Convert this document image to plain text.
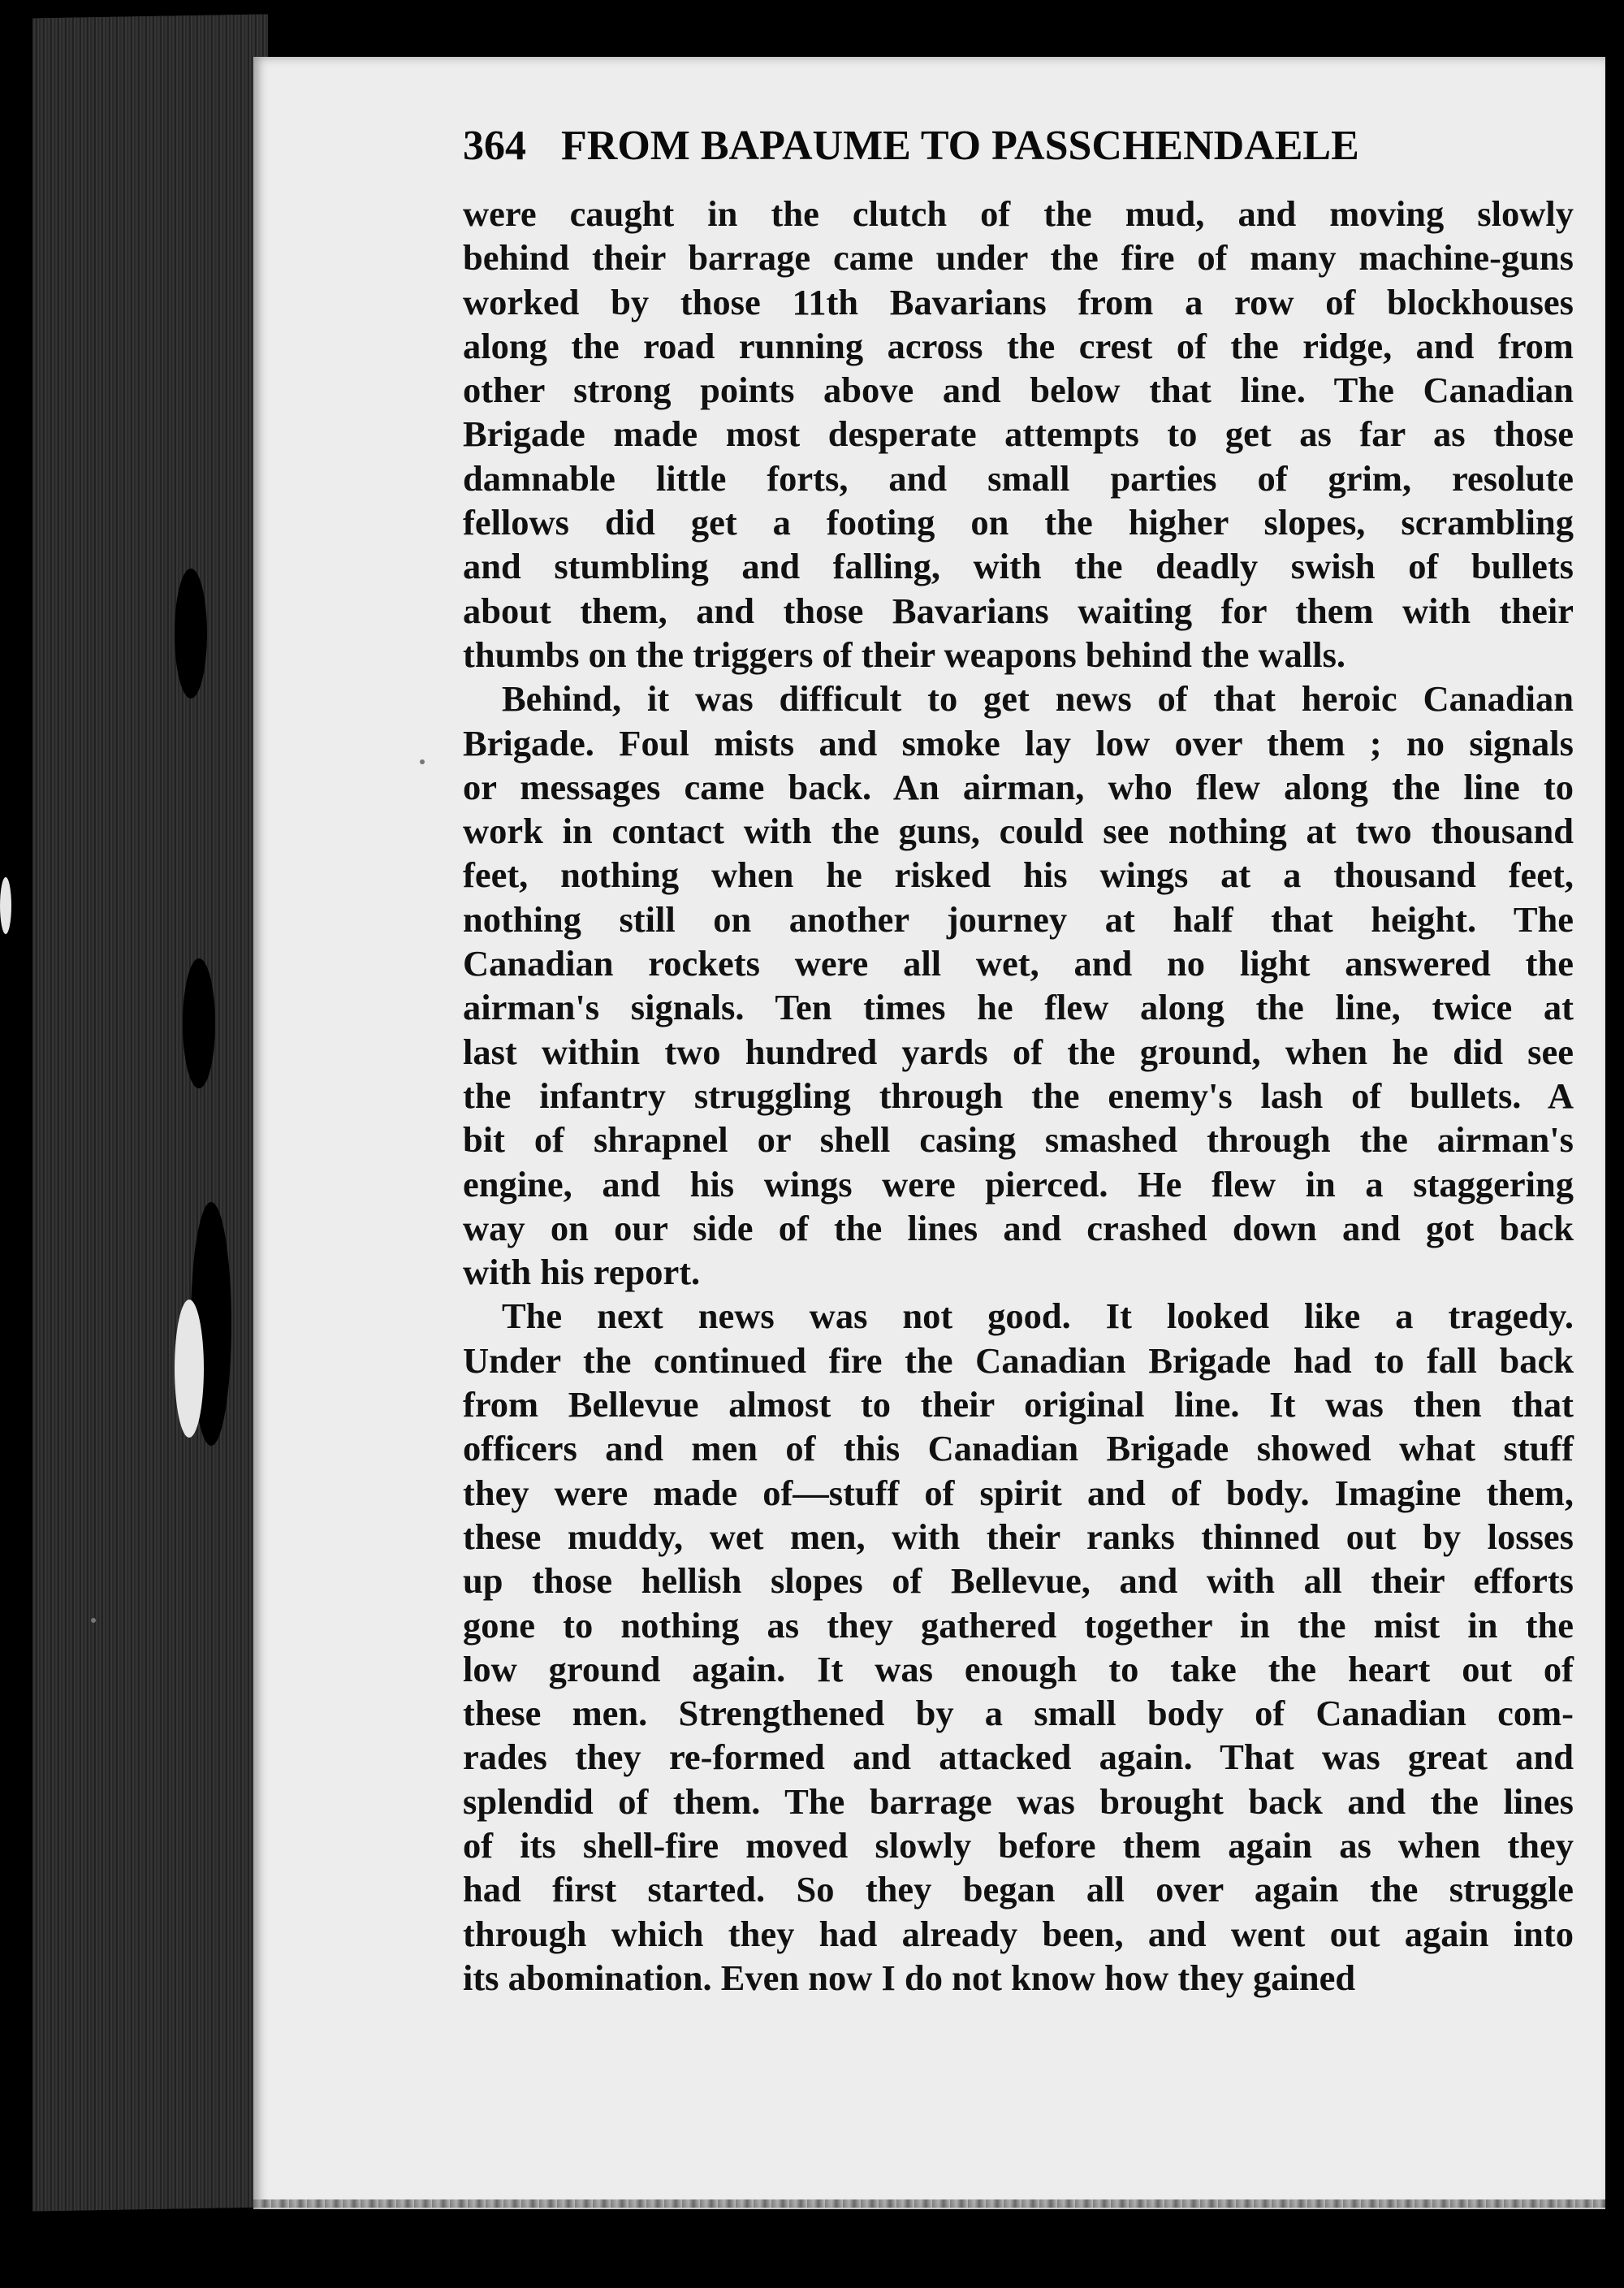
364 FROM BAPAUME TO PASSCHENDAELE
were caught in the clutch of the mud, and moving slowly
behind their barrage came under the fire of many machine-guns
worked by those 11th Bavarians from a row of blockhouses
along the road running across the crest of the ridge, and from
other strong points above and below that line. The Canadian
Brigade made most desperate attempts to get as far as those
damnable little forts, and small parties of grim, resolute
fellows did get a footing on the higher slopes, scrambling
and stumbling and falling, with the deadly swish of bullets
about them, and those Bavarians waiting for them with their
thumbs on the triggers of their weapons behind the walls.
Behind, it was difficult to get news of that heroic Canadian
Brigade. Foul mists and smoke lay low over them ; no signals
or messages came back. An airman, who flew along the line to
work in contact with the guns, could see nothing at two thousand
feet, nothing when he risked his wings at a thousand feet,
nothing still on another journey at half that height. The
Canadian rockets were all wet, and no light answered the
airman's signals. Ten times he flew along the line, twice at
last within two hundred yards of the ground, when he did see
the infantry struggling through the enemy's lash of bullets. A
bit of shrapnel or shell casing smashed through the airman's
engine, and his wings were pierced. He flew in a staggering
way on our side of the lines and crashed down and got back
with his report.
The next news was not good. It looked like a tragedy.
Under the continued fire the Canadian Brigade had to fall back
from Bellevue almost to their original line. It was then that
officers and men of this Canadian Brigade showed what stuff
they were made of—stuff of spirit and of body. Imagine them,
these muddy, wet men, with their ranks thinned out by losses
up those hellish slopes of Bellevue, and with all their efforts
gone to nothing as they gathered together in the mist in the
low ground again. It was enough to take the heart out of
these men. Strengthened by a small body of Canadian com-
rades they re-formed and attacked again. That was great and
splendid of them. The barrage was brought back and the lines
of its shell-fire moved slowly before them again as when they
had first started. So they began all over again the struggle
through which they had already been, and went out again into
its abomination. Even now I do not know how they gained
